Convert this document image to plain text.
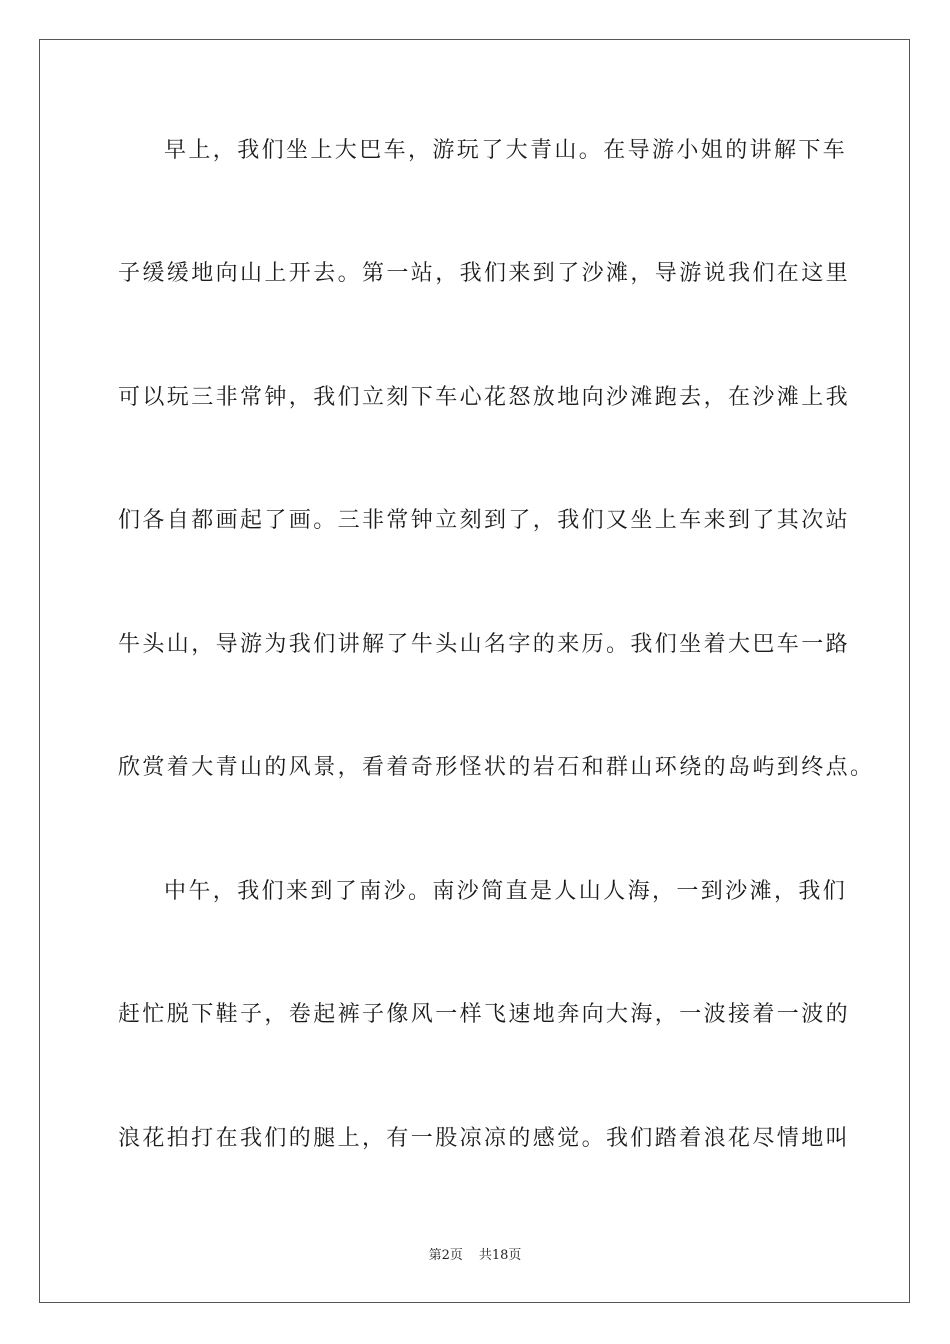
早上，我们坐上大巴车，游玩了大青山。在导游小姐的讲解下车
子缓缓地向山上开去。第一站，我们来到了沙滩，导游说我们在这里
可以玩三非常钟，我们立刻下车心花怒放地向沙滩跑去，在沙滩上我
们各自都画起了画。三非常钟立刻到了，我们又坐上车来到了其次站
牛头山，导游为我们讲解了牛头山名字的来历。我们坐着大巴车一路
欣赏着大青山的风景，看着奇形怪状的岩石和群山环绕的岛屿到终点。
中午，我们来到了南沙。南沙简直是人山人海，一到沙滩，我们
赶忙脱下鞋子，卷起裤子像风一样飞速地奔向大海，一波接着一波的
浪花拍打在我们的腿上，有一股凉凉的感觉。我们踏着浪花尽情地叫
第2页 共18页
